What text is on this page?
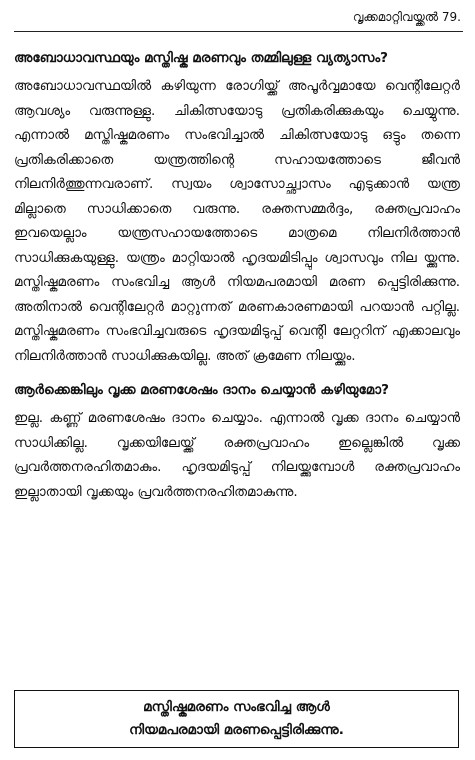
വൃക്കമാറ്റിവയ്ക്കൽ 79.
അബോധാവസ്ഥയും മസ്തിഷ്ക മരണവും തമ്മിലുള്ള വ്യത്യാസം?

അബോധാവസ്ഥയിൽ കഴിയുന്ന രോഗിയ്ക്ക് അപൂർവ്വമായേ വെന്റിലേറ്റർ ആവശ്യം വരുന്നുള്ളു. ചികിത്സയോടു പ്രതികരിക്കുകയും ചെയ്യുന്നു. എന്നാൽ മസ്തിഷ്കമരണം സംഭവിച്ചാൽ ചികിത്സയോടു ഒട്ടും തന്നെ പ്രതികരിക്കാതെ യന്ത്രത്തിന്റെ സഹായത്തോടെ ജീവൻ നിലനിർത്തുന്നവരാണ്. സ്വയം ശ്വാസോച്ഛ്വാസം എടുക്കാൻ യന്ത്ര മില്ലാതെ സാധിക്കാതെ വരുന്നു. രക്തസമ്മർദ്ദം, രക്തപ്രവാഹം ഇവയെല്ലാം യന്ത്രസഹായത്തോടെ മാത്രമെ നിലനിർത്താൻ സാധിക്കുകയുള്ളു. യന്ത്രം മാറ്റിയാൽ ഹൃദയമിടിപ്പും ശ്വാസവും നില യ്ക്കുന്നു. മസ്തിഷ്കമരണം സംഭവിച്ച ആൾ നിയമപരമായി മരണ പ്പെട്ടിരിക്കുന്നു. അതിനാൽ വെന്റിലേറ്റർ മാറ്റുന്നത് മരണകാരണമായി പറയാൻ പറ്റില്ല. മസ്തിഷ്കമരണം സംഭവിച്ചവരുടെ ഹൃദയമിടുപ്പ് വെന്റി ലേറ്ററിന് എക്കാലവും നിലനിർത്താൻ സാധിക്കുകയില്ല. അത് ക്രമേണ നിലയ്ക്കും.

ആർക്കെങ്കിലും വൃക്ക മരണശേഷം ദാനം ചെയ്യാൻ കഴിയുമോ?

ഇല്ല. കണ്ണ് മരണശേഷം ദാനം ചെയ്യാം. എന്നാൽ വൃക്ക ദാനം ചെയ്യാൻ സാധിക്കില്ല. വൃക്കയിലേയ്ക്ക് രക്തപ്രവാഹം ഇല്ലെങ്കിൽ വൃക്ക പ്രവർത്തനരഹിതമാകും. ഹൃദയമിടുപ്പ് നിലയ്ക്കുമ്പോൾ രക്തപ്രവാഹം ഇല്ലാതായി വൃക്കയും പ്രവർത്തനരഹിതമാകുന്നു.

മസ്തിഷ്കമരണം സംഭവിച്ച ആൾ
നിയമപരമായി മരണപ്പെട്ടിരിക്കുന്നു.
